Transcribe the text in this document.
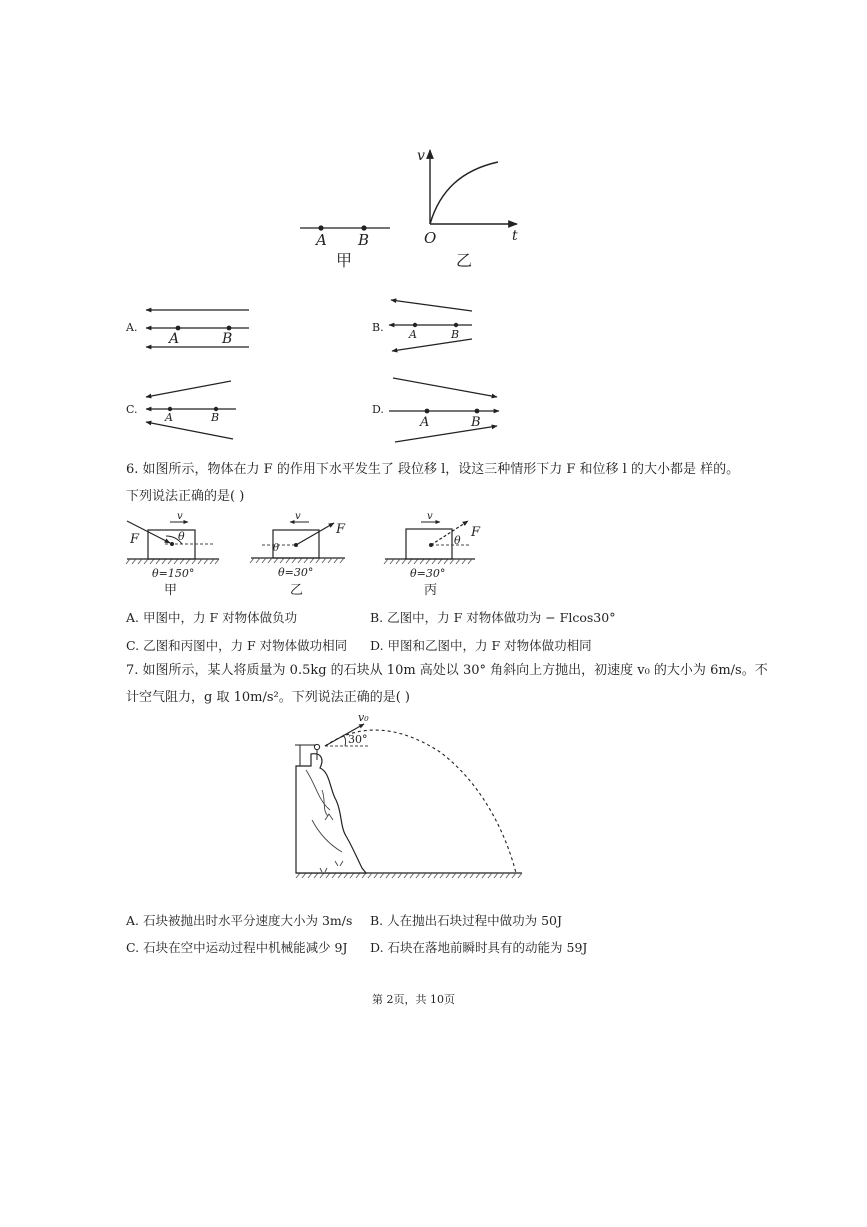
A B
甲
v
t
O
乙
A	B	A	B
A	B	A	B
v
θ
F
θ=150°
甲
v
θ
F
θ=30°
乙
v
θ
F
θ=30°
丙
30°
v₀
A.	B.
C.	D.
6. 如图所示，物体在力 F 的作用下水平发生了 段位移 l，设这三种情形下力 F 和位移 l 的大小都是 样的。
下列说法正确的是( )
A. 甲图中，力 F 对物体做负功	B. 乙图中，力 F 对物体做功为 − Flcos30°
C. 乙图和丙图中，力 F 对物体做功相同 D. 甲图和乙图中，力 F 对物体做功相同
7. 如图所示，某人将质量为 0.5kg 的石块从 10m 高处以 30° 角斜向上方抛出，初速度 v₀ 的大小为 6m/s。不
计空气阻力，g 取 10m/s²。下列说法正确的是( )
A. 石块被抛出时水平分速度大小为 3m/s B. 人在抛出石块过程中做功为 50J
C. 石块在空中运动过程中机械能减少 9J D. 石块在落地前瞬时具有的动能为 59J
第 2页，共 10页
